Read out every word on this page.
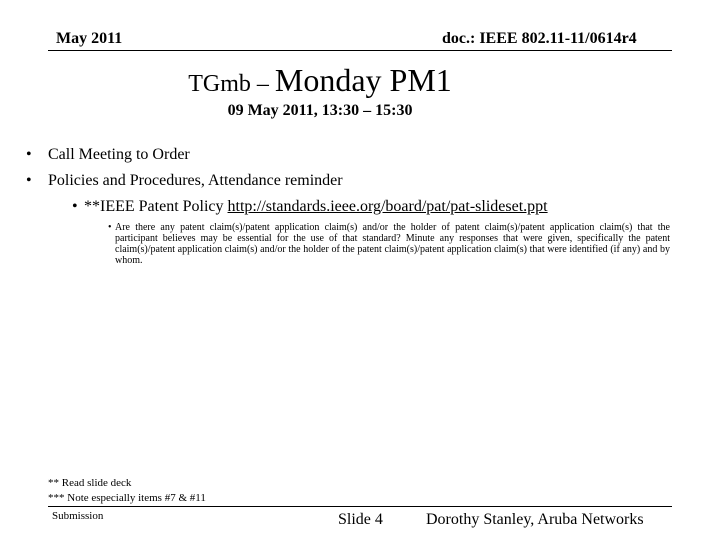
May 2011	doc.: IEEE 802.11-11/0614r4
TGmb – Monday PM1
09 May 2011, 13:30 – 15:30
•	Call Meeting to Order
•	Policies and Procedures, Attendance reminder
• **IEEE Patent Policy http://standards.ieee.org/board/pat/pat-slideset.ppt
• Are there any patent claim(s)/patent application claim(s) and/or the holder of patent claim(s)/patent application claim(s) that the participant believes may be essential for the use of that standard? Minute any responses that were given, specifically the patent claim(s)/patent application claim(s) and/or the holder of the patent claim(s)/patent application claim(s) that were identified (if any) and by whom.
** Read slide deck
*** Note especially items #7 & #11
Submission	Slide 4	Dorothy Stanley, Aruba Networks
